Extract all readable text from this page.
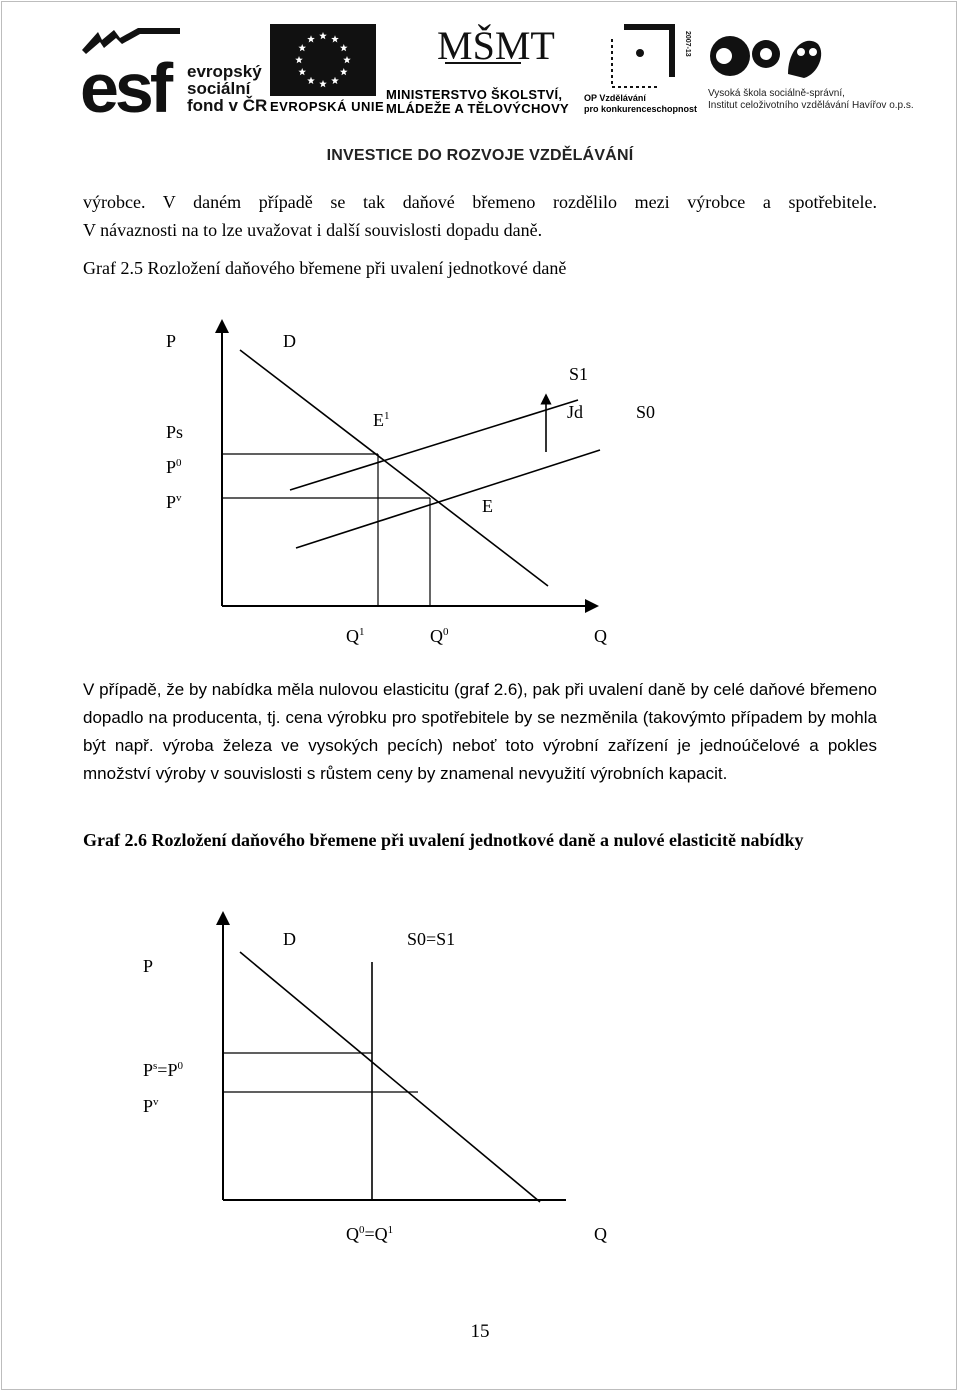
esf evropský
sociální
fond v ČR EVROPSKÁ UNIE
MŠMT
MINISTERSTVO ŠKOLSTVÍ,
MLÁDEŽE A TĚLOVÝCHOVY
2007-13
OP Vzdělávání
pro konkurenceschopnost
Vysoká škola sociálně-správní,
Institut celoživotního vzdělávání Havířov o.p.s.
INVESTICE DO ROZVOJE VZDĚLÁVÁNÍ
výrobce. V daném případě se tak daňové břemeno rozdělilo mezi výrobce a spotřebitele.
V návaznosti na to lze uvažovat i další souvislosti dopadu daně.
Graf 2.5 Rozložení daňového břemene při uvalení jednotkové daně
P	D
S1
Jd	S0
Ps
$E^1$
$P^0$
$P^v$	E
$Q^1$	$Q^0$	Q
V případě, že by nabídka měla nulovou elasticitu (graf 2.6), pak při uvalení daně by celé daňové břemeno dopadlo na producenta, tj. cena výrobku pro spotřebitele by se nezměnila (takovýmto případem by mohla být např. výroba železa ve vysokých pecích) neboť toto výrobní zařízení je jednoúčelové a pokles množství výroby v souvislosti s růstem ceny by znamenal nevyužití výrobních kapacit.
Graf 2.6 Rozložení daňového břemene při uvalení jednotkové daně a nulové elasticitě nabídky
P
D	S0=S1
$P^s=P^0$
$P^v$
$Q^0=Q^1$	Q
15
